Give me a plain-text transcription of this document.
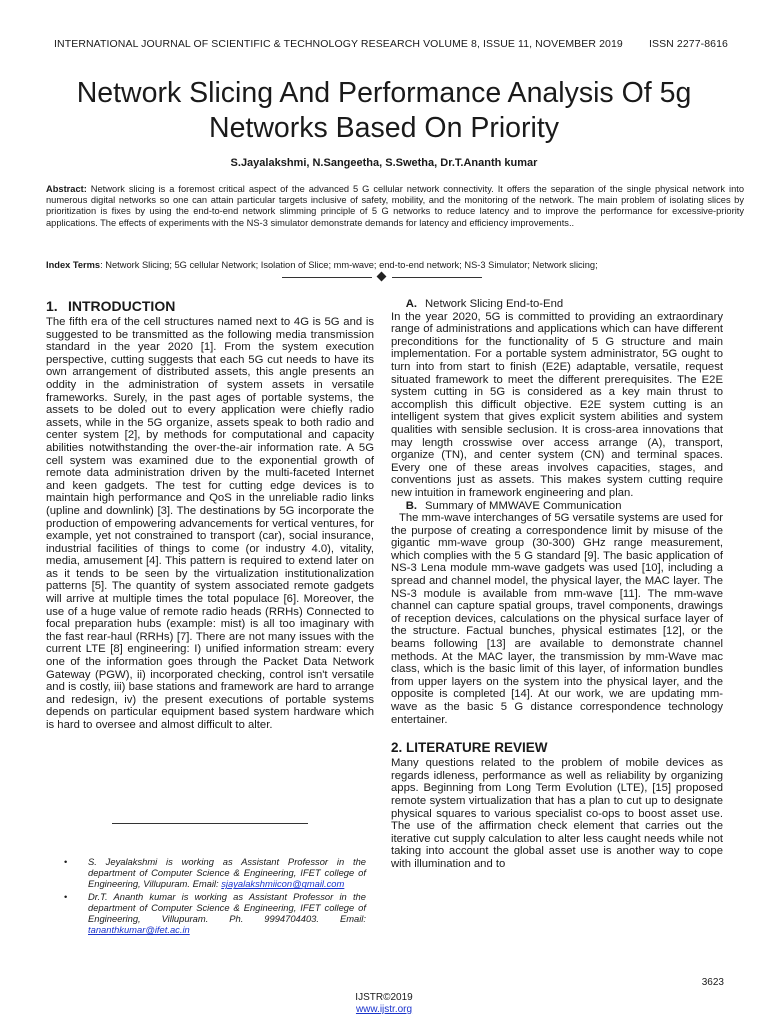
INTERNATIONAL JOURNAL OF SCIENTIFIC & TECHNOLOGY RESEARCH VOLUME 8, ISSUE 11, NOVEMBER 2019 ISSN 2277-8616
Network Slicing And Performance Analysis Of 5g
Networks Based On Priority
S.Jayalakshmi, N.Sangeetha, S.Swetha, Dr.T.Ananth kumar
Abstract: Network slicing is a foremost critical aspect of the advanced 5 G cellular network connectivity. It offers the separation of the single physical network into numerous digital networks so one can attain particular targets inclusive of safety, mobility, and the monitoring of the network. The main problem of isolating slices by prioritization is fixes by using the end-to-end network slimming principle of 5 G networks to reduce latency and to improve the performance for excessive-priority applications. The effects of experiments with the NS-3 simulator demonstrate demands for latency and efficiency improvements..
Index Terms: Network Slicing; 5G cellular Network; Isolation of Slice; mm-wave; end-to-end network; NS-3 Simulator; Network slicing;
1. INTRODUCTION

The fifth era of the cell structures named next to 4G is 5G and is suggested to be transmitted as the following media transmission standard in the year 2020 [1]. From the system execution perspective, cutting suggests that each 5G cut needs to have its own arrangement of distributed assets, this angle presents an oddity in the administration of system assets in versatile frameworks. Surely, in the past ages of portable systems, the assets to be doled out to every application were chiefly radio assets, while in the 5G organize, assets speak to both radio and center system [2], by methods for computational and capacity abilities notwithstanding the over-the-air information rate. A 5G cell system was examined due to the exponential growth of remote data administration driven by the multi-faceted Internet and keen gadgets. The test for cutting edge devices is to maintain high performance and QoS in the unreliable radio links (upline and downlink) [3]. The destinations by 5G incorporate the production of empowering advancements for vertical ventures, for example, yet not constrained to transport (car), social insurance, industrial facilities of things to come (or industry 4.0), vitality, media, amusement [4]. This pattern is required to extend later on as it tends to be seen by the virtualization institutionalization patterns [5]. The quantity of system associated remote gadgets will arrive at multiple times the total populace [6]. Moreover, the use of a huge value of remote radio heads (RRHs) Connected to focal preparation hubs (example: mist) is all too imaginary with the fast rear-haul (RRHs) [7]. There are not many issues with the current LTE [8] engineering: I) unified information stream: every one of the information goes through the Packet Data Network Gateway (PGW), ii) incorporated checking, control isn't versatile and is costly, iii) base stations and framework are hard to arrange and redesign, iv) the present executions of portable systems depends on particular equipment based system hardware which is hard to oversee and almost difficult to alter.

• S. Jeyalakshmi is working as Assistant Professor in the department of Computer Science & Engineering, IFET college of Engineering, Villupuram. Email: sjayalakshmiicon@gmail.com
• Dr.T. Ananth kumar is working as Assistant Professor in the department of Computer Science & Engineering, IFET college of Engineering, Villupuram. Ph. 9994704403. Email: tananthkumar@ifet.ac.in
A. Network Slicing End-to-End

In the year 2020, 5G is committed to providing an extraordinary range of administrations and applications which can have different preconditions for the functionality of 5 G structure and main implementation. For a portable system administrator, 5G ought to turn into from start to finish (E2E) adaptable, versatile, request situated framework to meet the different prerequisites. The E2E system cutting in 5G is considered as a key main thrust to accomplish this difficult objective. E2E system cutting is an intelligent system that gives explicit system abilities and system qualities with sensible seclusion. It is cross-area innovations that may length crosswise over access arrange (A), transport, organize (TN), and center system (CN) and terminal spaces. Every one of these areas involves capacities, stages, and conventions just as assets. This makes system cutting require new intuition in framework engineering and plan.

B. Summary of MMWAVE Communication

The mm-wave interchanges of 5G versatile systems are used for the purpose of creating a correspondence limit by misuse of the gigantic mm-wave group (30-300) GHz range measurement, which complies with the 5 G standard [9]. The basic application of NS-3 Lena module mm-wave gadgets was used [10], including a spread and channel model, the physical layer, the MAC layer. The NS-3 module is available from mm-wave [11]. The mm-wave channel can capture spatial groups, travel components, drawings of reception devices, calculations on the physical surface layer of the structure. Factual bunches, physical estimates [12], or the beams following [13] are available to demonstrate channel methods. At the MAC layer, the transmission by mm-Wave mac class, which is the basic limit of this layer, of information bundles from upper layers on the system into the physical layer, and the opposite is completed [14]. At our work, we are updating mm-wave as the basic 5 G distance correspondence technology entertainer.

2. LITERATURE REVIEW

Many questions related to the problem of mobile devices as regards idleness, performance as well as reliability by organizing apps. Beginning from Long Term Evolution (LTE), [15] proposed remote system virtualization that has a plan to cut up to designate physical squares to various specialist co-ops to boost asset use. The use of the affirmation check element that carries out the iterative cut supply calculation to alter less caught needs while not taking into account the global asset use is another way to cope with illumination and to

3623
IJSTR©2019
www.ijstr.org
